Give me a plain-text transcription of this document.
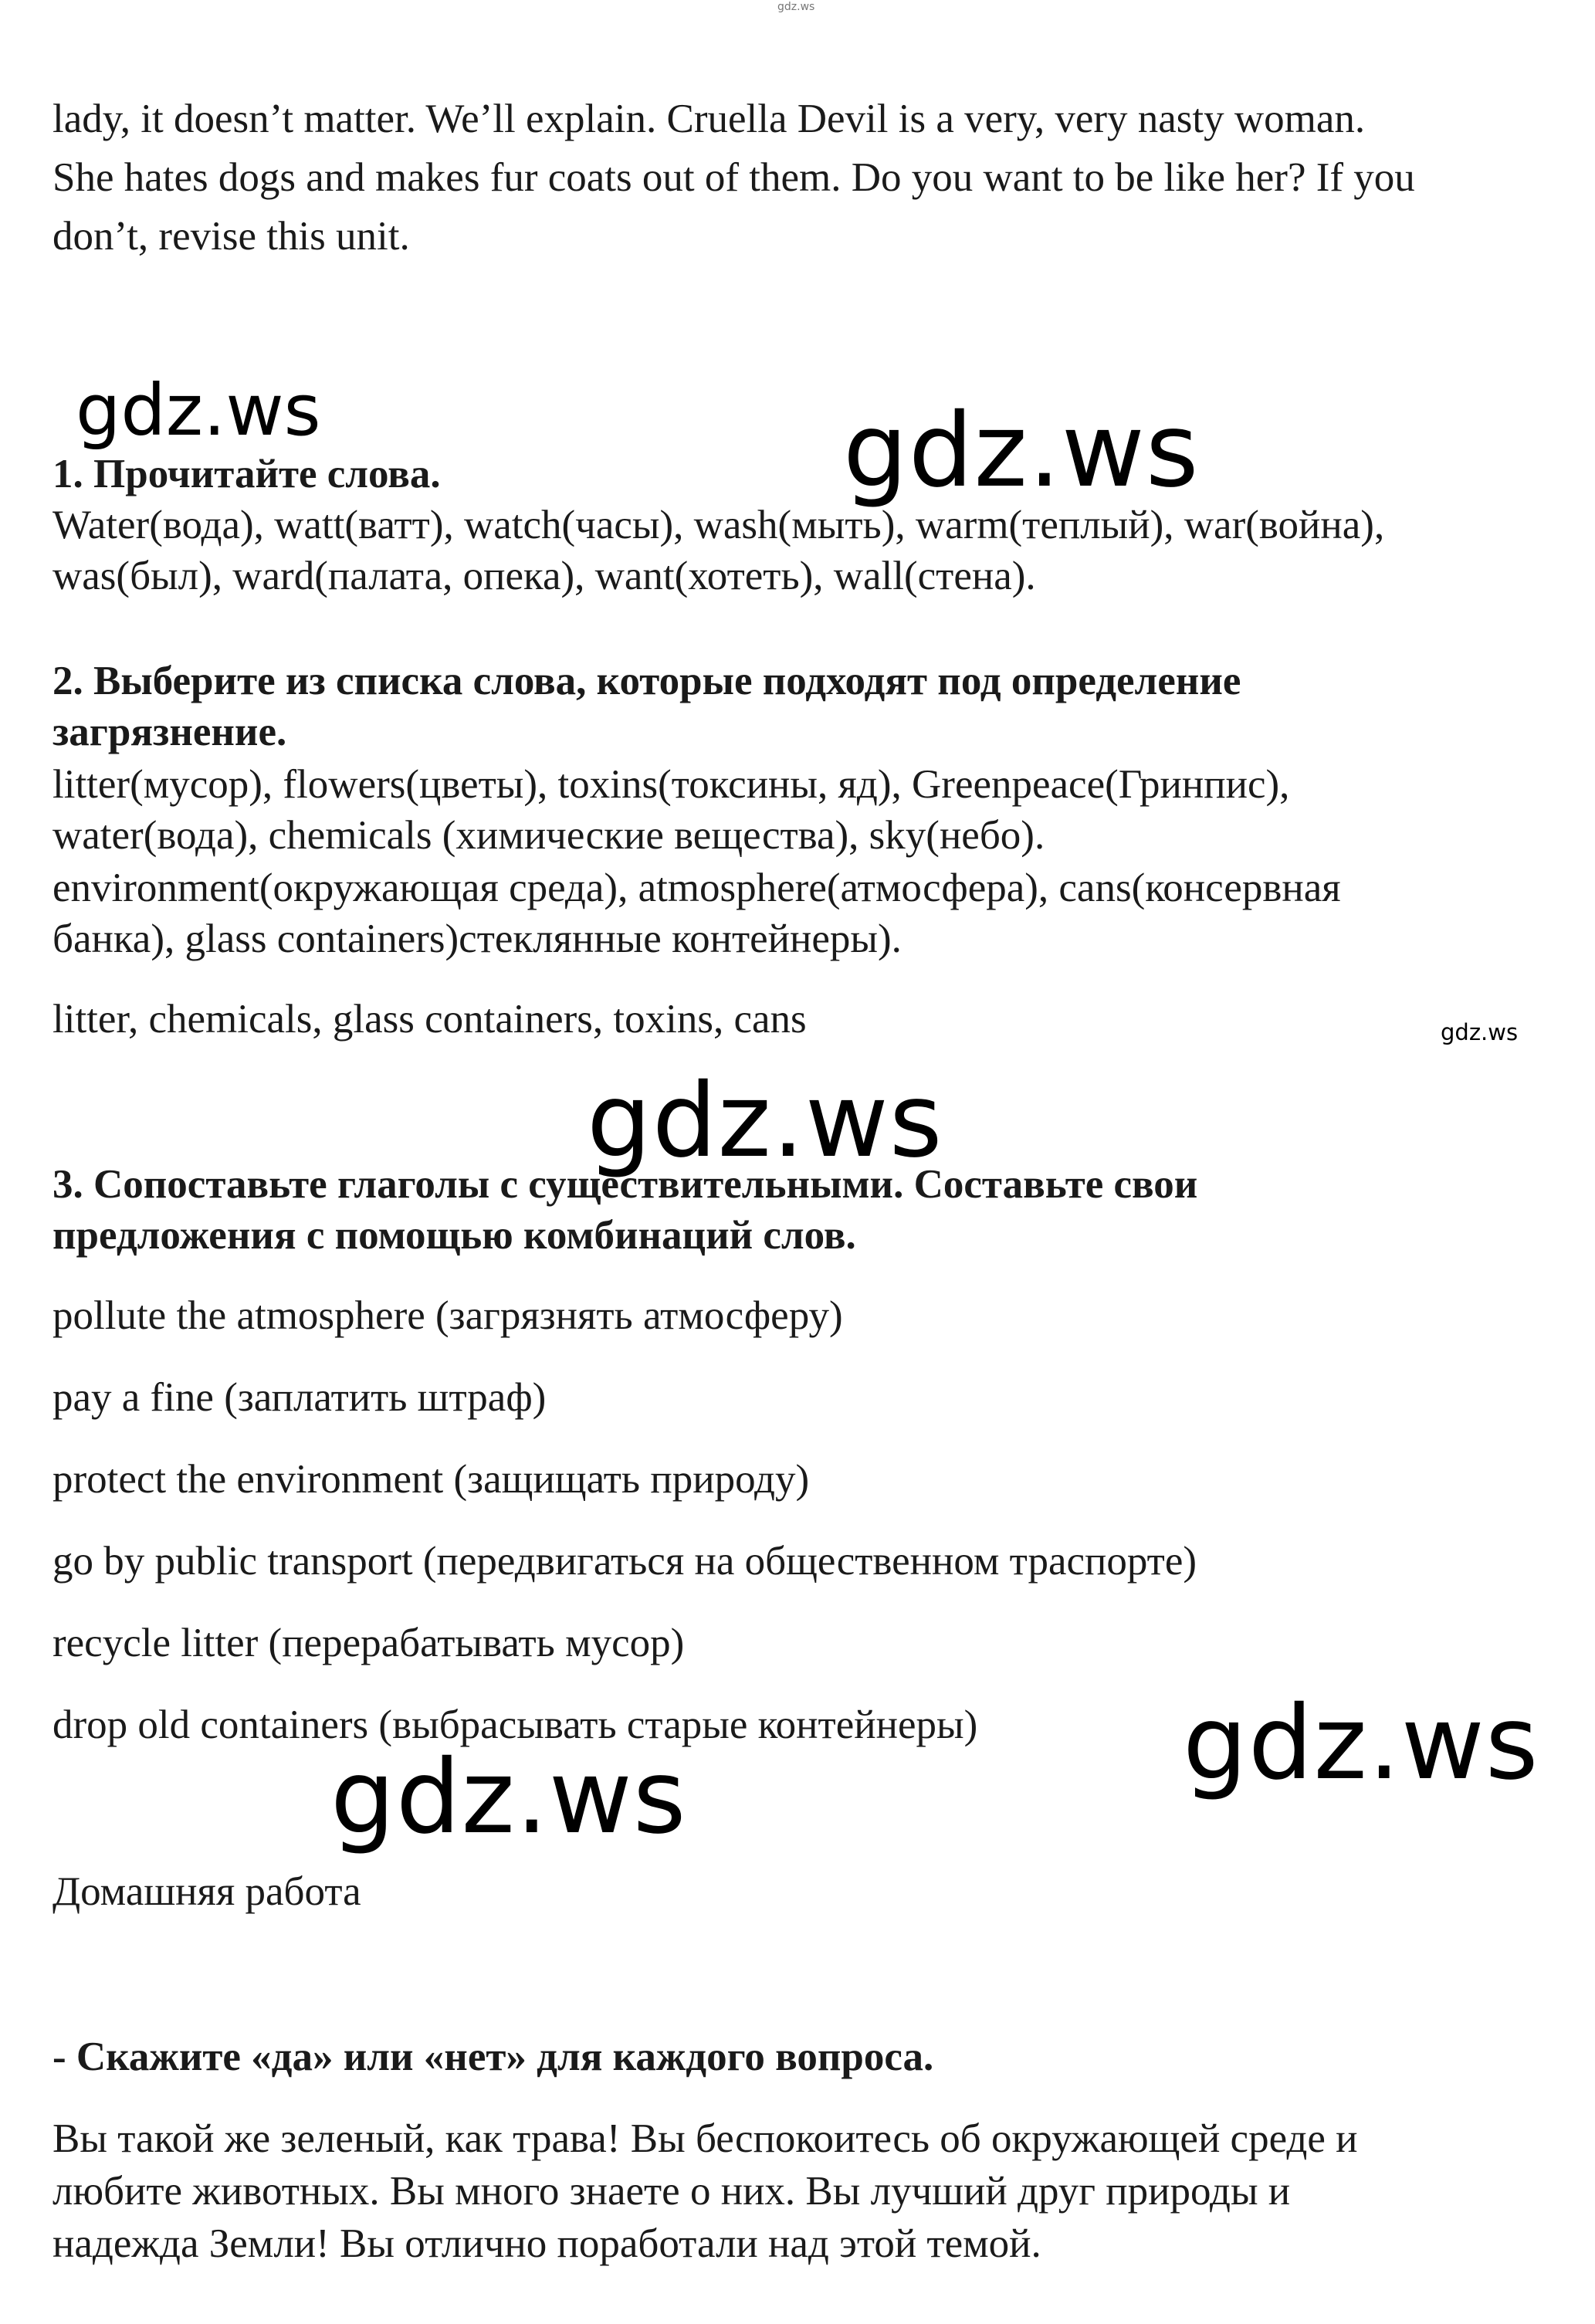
gdz.ws
gdz.ws	gdz.ws
gdz.ws
gdz.ws
gdz.ws
gdz.ws
lady, it doesn’t matter. We’ll explain. Cruella Devil is a very, very nasty woman.
She hates dogs and makes fur coats out of them. Do you want to be like her? If you
don’t, revise this unit.
1. Прочитайте слова.
Water(вода), watt(ватт), watch(часы), wash(мыть), warm(теплый), war(война),
was(был), ward(палата, опека), want(хотеть), wall(стена).
2. Выберите из списка слова, которые подходят под определение
загрязнение.
litter(мусор), flowers(цветы), toxins(токсины, яд), Greenpeace(Гринпис),
water(вода), chemicals (химические вещества), sky(небо).
environment(окружающая среда), atmosphere(атмосфера), cans(консервная
банка), glass containers)стеклянные контейнеры).
litter, chemicals, glass containers, toxins, cans
3. Сопоставьте глаголы с существительными. Составьте свои
предложения с помощью комбинаций слов.
pollute the atmosphere (загрязнять атмосферу)
pay a fine (заплатить штраф)
protect the environment (защищать природу)
go by public transport (передвигаться на общественном траспорте)
recycle litter (перерабатывать мусор)
drop old containers (выбрасывать старые контейнеры)
Домашняя работа
- Скажите «да» или «нет» для каждого вопроса.
Вы такой же зеленый, как трава! Вы беспокоитесь об окружающей среде и
любите животных. Вы много знаете о них. Вы лучший друг природы и
надежда Земли! Вы отлично поработали над этой темой.
